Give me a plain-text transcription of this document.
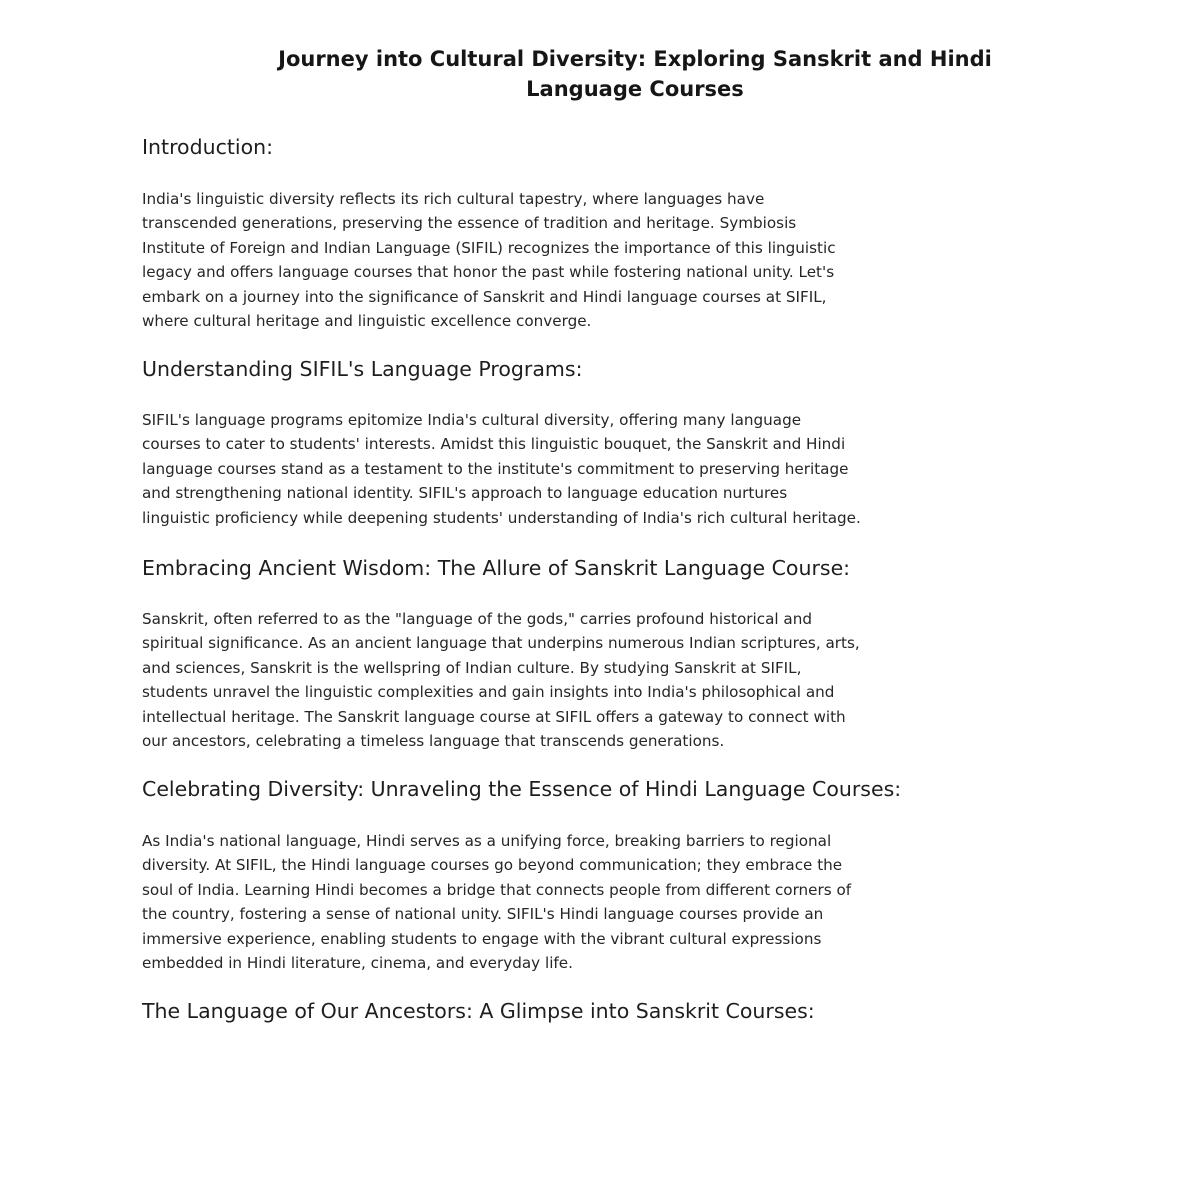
Journey into Cultural Diversity: Exploring Sanskrit and Hindi
Language Courses
Introduction:
India's linguistic diversity reflects its rich cultural tapestry, where languages have
transcended generations, preserving the essence of tradition and heritage. Symbiosis
Institute of Foreign and Indian Language (SIFIL) recognizes the importance of this linguistic
legacy and offers language courses that honor the past while fostering national unity. Let's
embark on a journey into the significance of Sanskrit and Hindi language courses at SIFIL,
where cultural heritage and linguistic excellence converge.
Understanding SIFIL's Language Programs:
SIFIL's language programs epitomize India's cultural diversity, offering many language
courses to cater to students' interests. Amidst this linguistic bouquet, the Sanskrit and Hindi
language courses stand as a testament to the institute's commitment to preserving heritage
and strengthening national identity. SIFIL's approach to language education nurtures
linguistic proficiency while deepening students' understanding of India's rich cultural heritage.
Embracing Ancient Wisdom: The Allure of Sanskrit Language Course:
Sanskrit, often referred to as the "language of the gods," carries profound historical and
spiritual significance. As an ancient language that underpins numerous Indian scriptures, arts,
and sciences, Sanskrit is the wellspring of Indian culture. By studying Sanskrit at SIFIL,
students unravel the linguistic complexities and gain insights into India's philosophical and
intellectual heritage. The Sanskrit language course at SIFIL offers a gateway to connect with
our ancestors, celebrating a timeless language that transcends generations.
Celebrating Diversity: Unraveling the Essence of Hindi Language Courses:
As India's national language, Hindi serves as a unifying force, breaking barriers to regional
diversity. At SIFIL, the Hindi language courses go beyond communication; they embrace the
soul of India. Learning Hindi becomes a bridge that connects people from different corners of
the country, fostering a sense of national unity. SIFIL's Hindi language courses provide an
immersive experience, enabling students to engage with the vibrant cultural expressions
embedded in Hindi literature, cinema, and everyday life.
The Language of Our Ancestors: A Glimpse into Sanskrit Courses:
